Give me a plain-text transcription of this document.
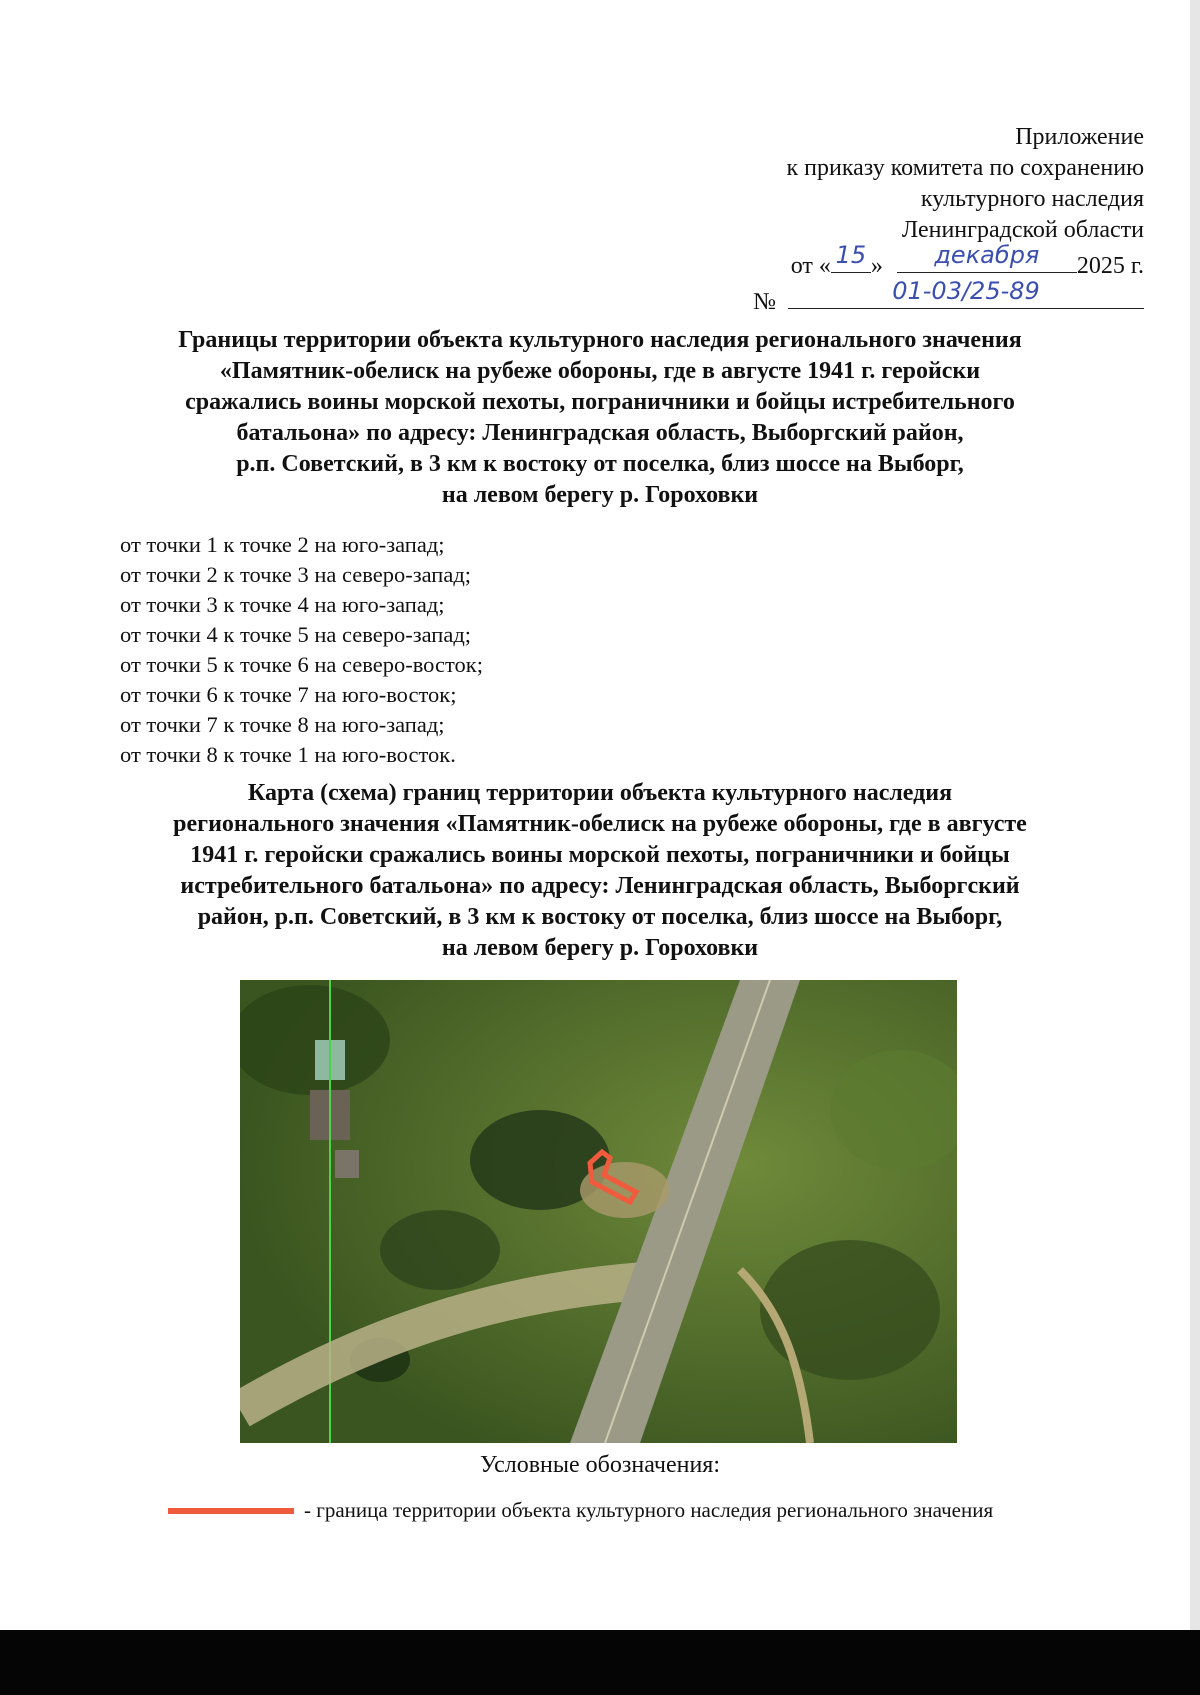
Приложение
к приказу комитета по сохранению
культурного наследия
Ленинградской области
от « 15 »	декабря	2025 г.
№	01-03/25-89
Границы территории объекта культурного наследия регионального значения
«Памятник-обелиск на рубеже обороны, где в августе 1941 г. геройски
сражались воины морской пехоты, пограничники и бойцы истребительного
батальона» по адресу: Ленинградская область, Выборгский район,
р.п. Советский, в 3 км к востоку от поселка, близ шоссе на Выборг,
на левом берегу р. Гороховки
от точки 1 к точке 2 на юго-запад;
от точки 2 к точке 3 на северо-запад;
от точки 3 к точке 4 на юго-запад;
от точки 4 к точке 5 на северо-запад;
от точки 5 к точке 6 на северо-восток;
от точки 6 к точке 7 на юго-восток;
от точки 7 к точке 8 на юго-запад;
от точки 8 к точке 1 на юго-восток.
Карта (схема) границ территории объекта культурного наследия
регионального значения «Памятник-обелиск на рубеже обороны, где в августе
1941 г. геройски сражались воины морской пехоты, пограничники и бойцы
истребительного батальона» по адресу: Ленинградская область, Выборгский
район, р.п. Советский, в 3 км к востоку от поселка, близ шоссе на Выборг,
на левом берегу р. Гороховки
Условные обозначения:
- граница территории объекта культурного наследия регионального значения
